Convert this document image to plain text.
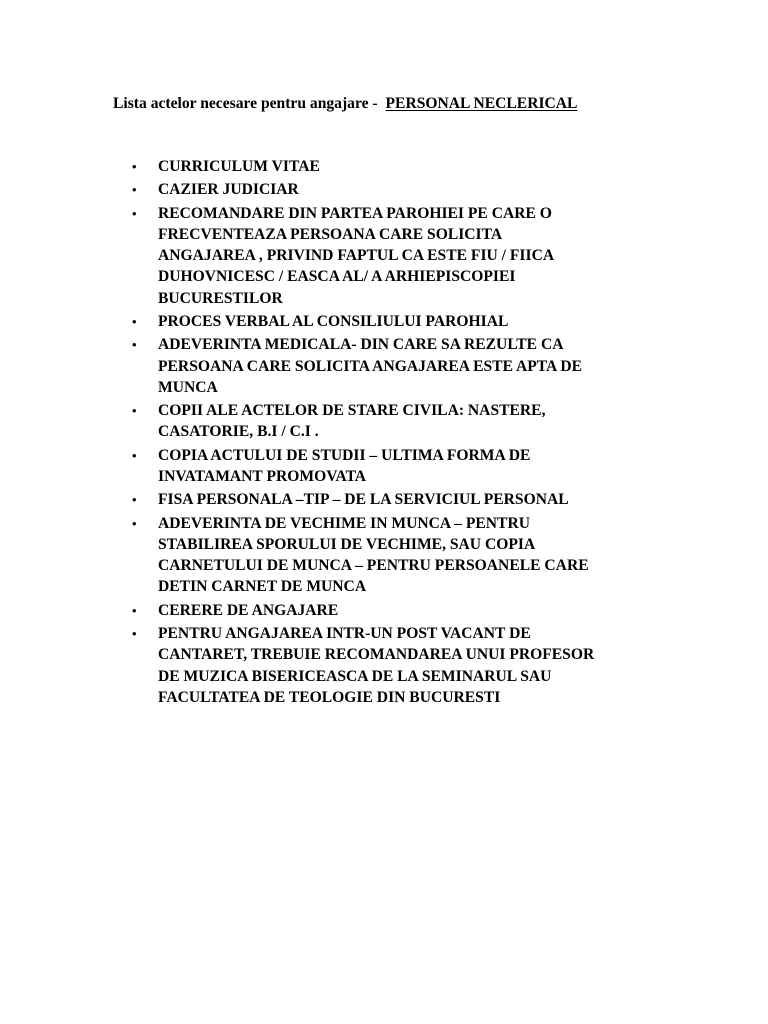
Lista actelor necesare pentru angajare - PERSONAL NECLERICAL

•	CURRICULUM VITAE
•	CAZIER JUDICIAR
•	RECOMANDARE DIN PARTEA PAROHIEI PE CARE O
FRECVENTEAZA PERSOANA CARE SOLICITA
ANGAJAREA , PRIVIND FAPTUL CA ESTE FIU / FIICA
DUHOVNICESC / EASCA AL/ A ARHIEPISCOPIEI
BUCURESTILOR
•	PROCES VERBAL AL CONSILIULUI PAROHIAL
•	ADEVERINTA MEDICALA- DIN CARE SA REZULTE CA
PERSOANA CARE SOLICITA ANGAJAREA ESTE APTA DE
MUNCA
•	COPII ALE ACTELOR DE STARE CIVILA: NASTERE,
CASATORIE, B.I / C.I .
•	COPIA ACTULUI DE STUDII – ULTIMA FORMA DE
INVATAMANT PROMOVATA
•	FISA PERSONALA –TIP – DE LA SERVICIUL PERSONAL
•	ADEVERINTA DE VECHIME IN MUNCA – PENTRU
STABILIREA SPORULUI DE VECHIME, SAU COPIA
CARNETULUI DE MUNCA – PENTRU PERSOANELE CARE
DETIN CARNET DE MUNCA
•	CERERE DE ANGAJARE
•	PENTRU ANGAJAREA INTR-UN POST VACANT DE
CANTARET, TREBUIE RECOMANDAREA UNUI PROFESOR
DE MUZICA BISERICEASCA DE LA SEMINARUL SAU
FACULTATEA DE TEOLOGIE DIN BUCURESTI
